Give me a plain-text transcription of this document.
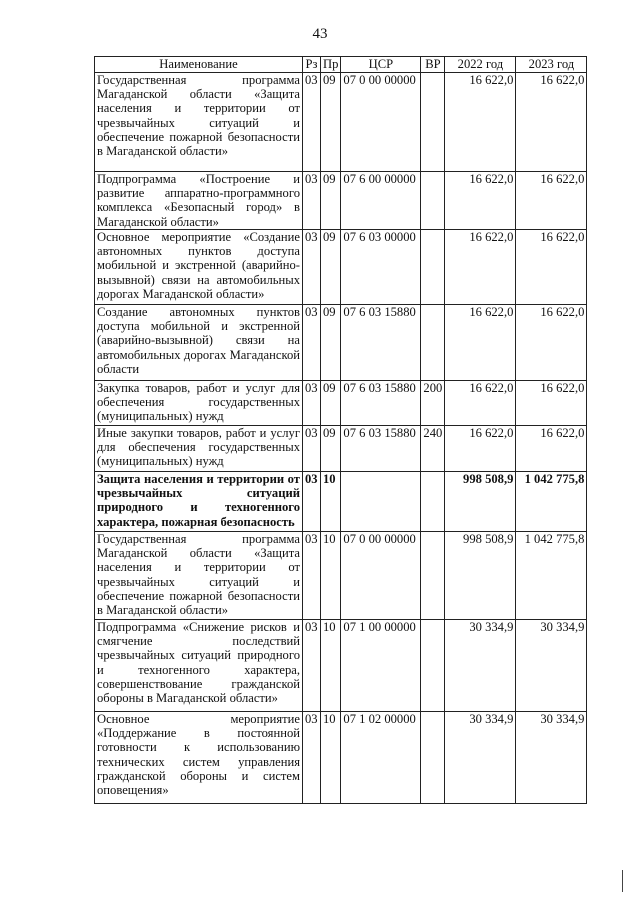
43
Наименование	Рз	Пр	ЦСР	ВР	2022 год	2023 год
Государственная программа Магаданской области «Защита населения и территории от чрезвычайных ситуаций и обеспечение пожарной безопасности в Магаданской области»	03	09	07 0 00 00000		16 622,0	16 622,0
Подпрограмма «Построение и развитие аппаратно-программного комплекса «Безопасный город» в Магаданской области»	03	09	07 6 00 00000		16 622,0	16 622,0
Основное мероприятие «Создание автономных пунктов доступа мобильной и экстренной (аварийно-вызывной) связи на автомобильных дорогах Магаданской области»	03	09	07 6 03 00000		16 622,0	16 622,0
Создание автономных пунктов доступа мобильной и экстренной (аварийно-вызывной) связи на автомобильных дорогах Магаданской области	03	09	07 6 03 15880		16 622,0	16 622,0
Закупка товаров, работ и услуг для обеспечения государственных (муниципальных) нужд	03	09	07 6 03 15880	200	16 622,0	16 622,0
Иные закупки товаров, работ и услуг для обеспечения государственных (муниципальных) нужд	03	09	07 6 03 15880	240	16 622,0	16 622,0
Защита населения и территории от чрезвычайных ситуаций природного и техногенного характера, пожарная безопасность	03	10			998 508,9	1 042 775,8
Государственная программа Магаданской области «Защита населения и территории от чрезвычайных ситуаций и обеспечение пожарной безопасности в Магаданской области»	03	10	07 0 00 00000		998 508,9	1 042 775,8
Подпрограмма «Снижение рисков и смягчение последствий чрезвычайных ситуаций природного и техногенного характера, совершенствование гражданской обороны в Магаданской области»	03	10	07 1 00 00000		30 334,9	30 334,9
Основное мероприятие «Поддержание в постоянной готовности к использованию технических систем управления гражданской обороны и систем оповещения»	03	10	07 1 02 00000		30 334,9	30 334,9
